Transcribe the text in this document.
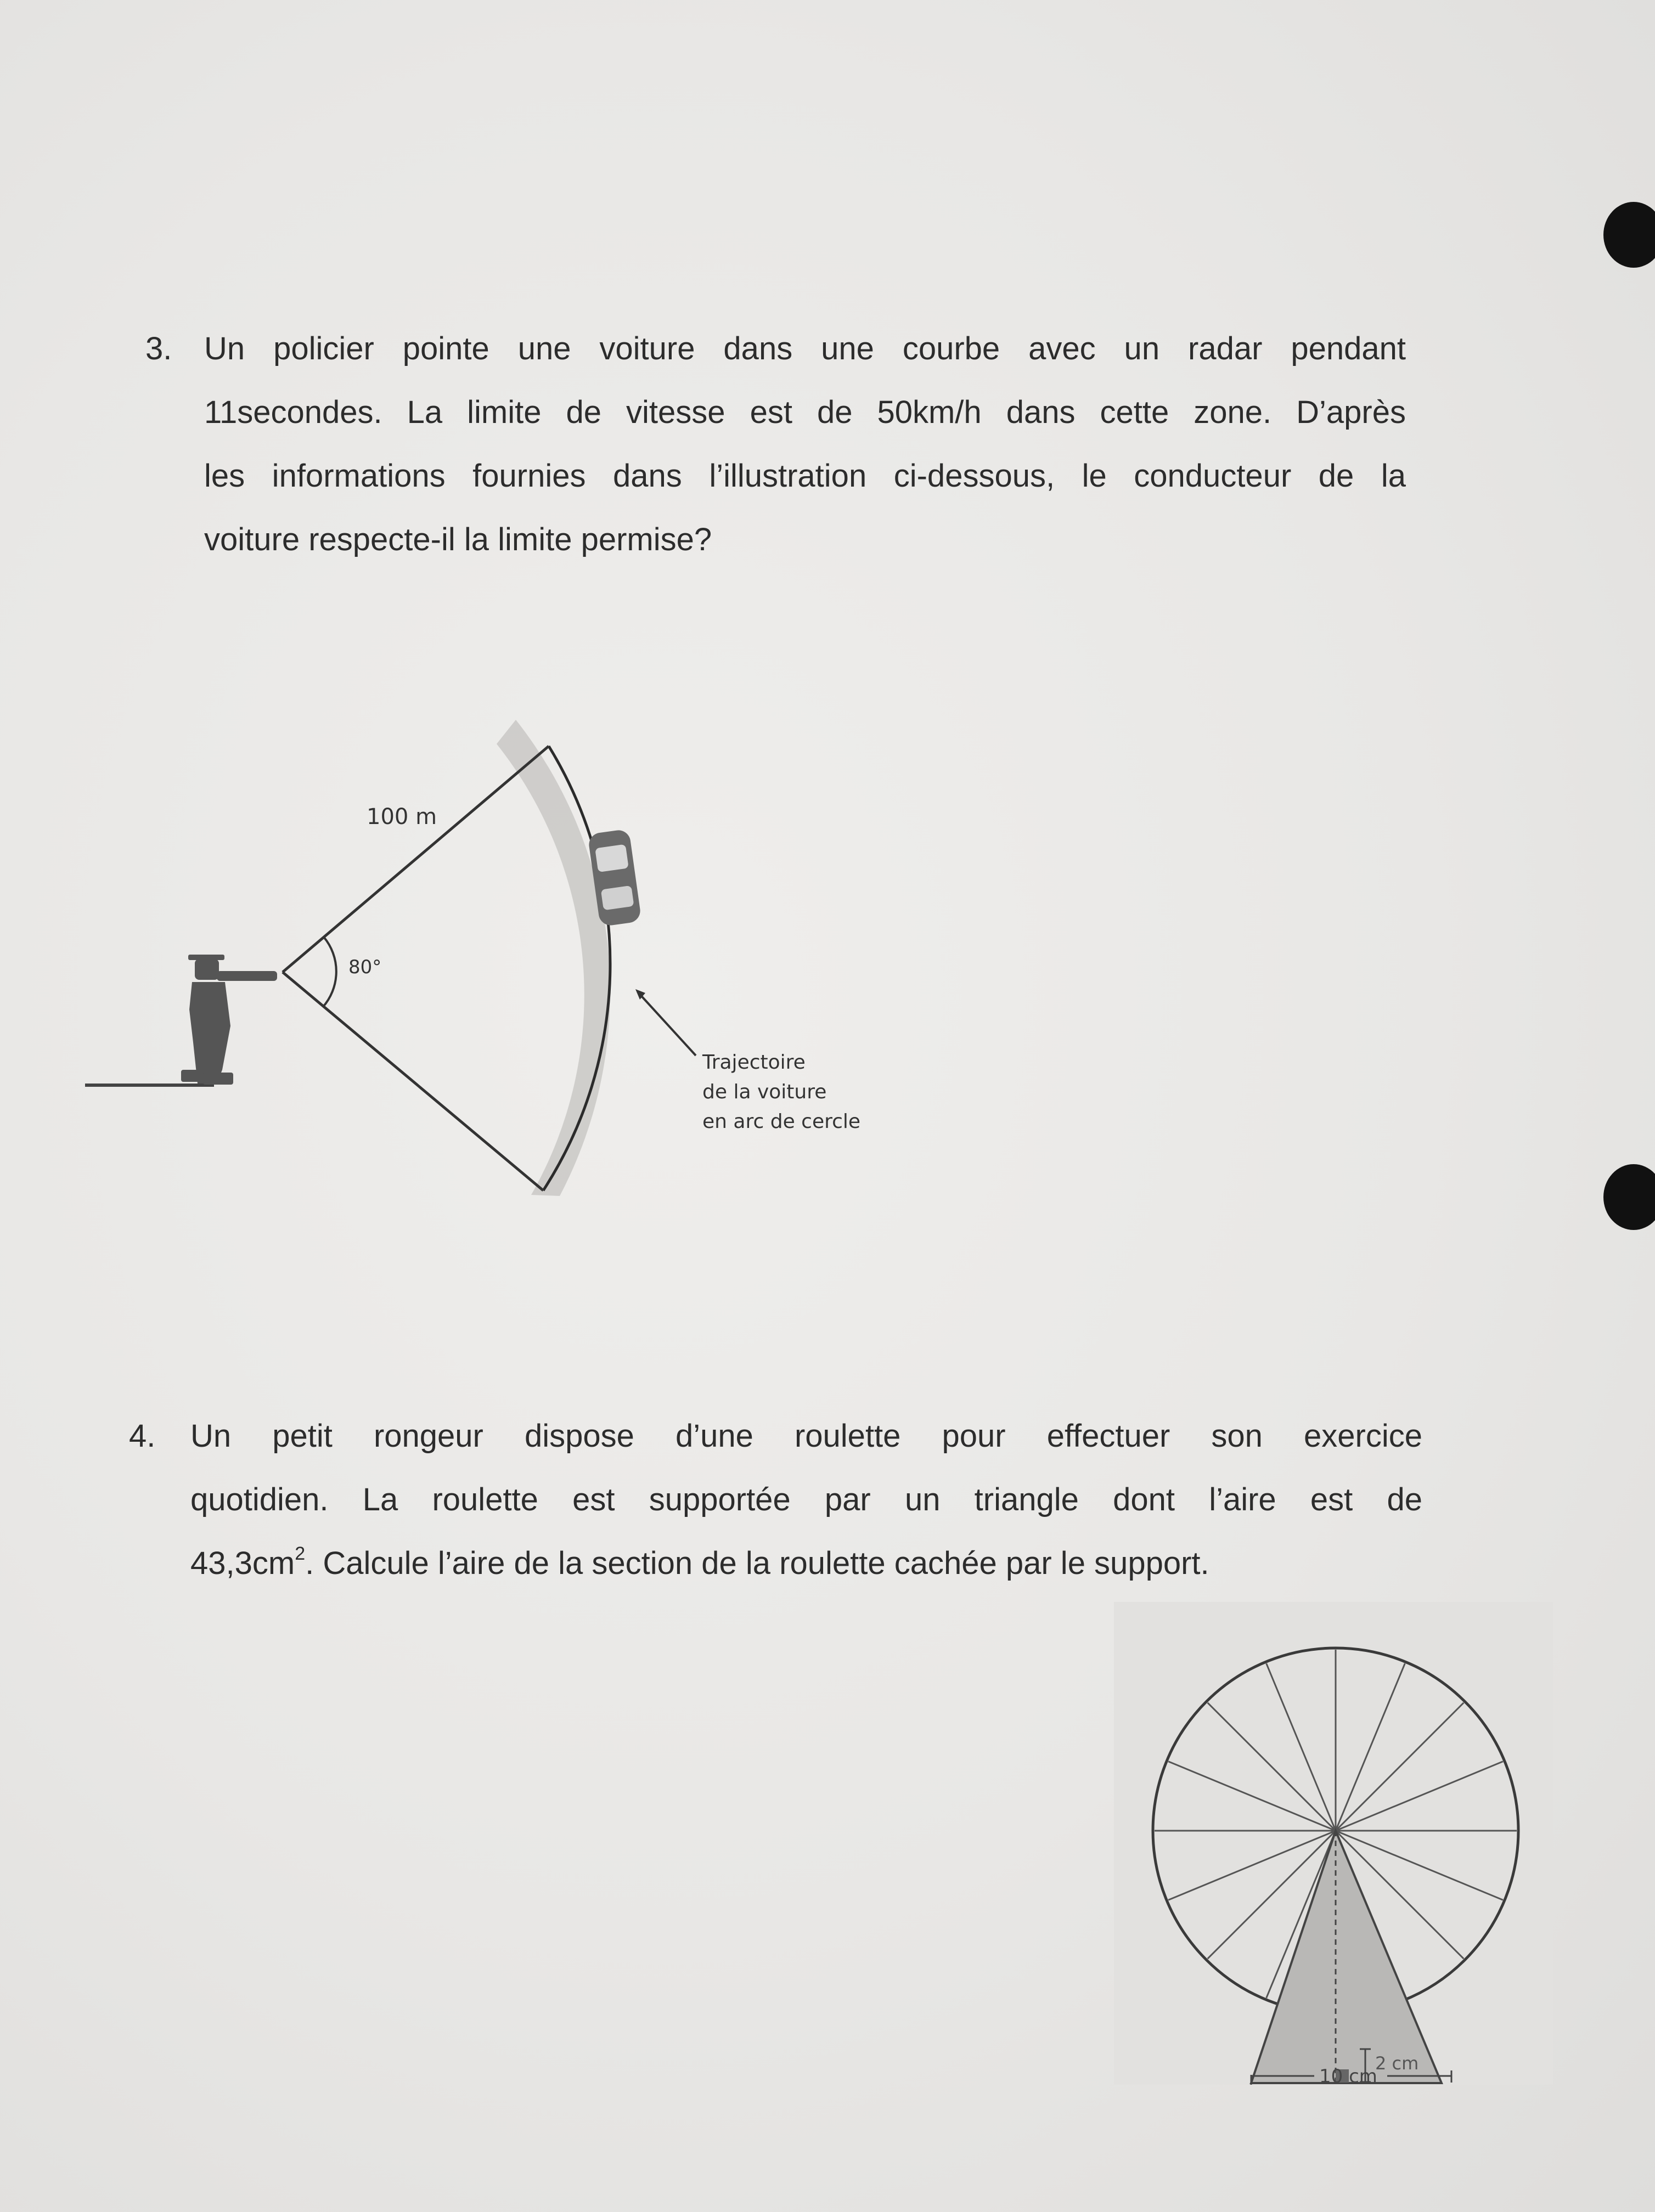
3. Un policier pointe une voiture dans une courbe avec un radar pendant
11secondes. La limite de vitesse est de 50km/h dans cette zone. D’après
les informations fournies dans l’illustration ci-dessous, le conducteur de la
voiture respecte-il la limite permise?
100 m
80°
Trajectoire
de la voiture
en arc de cercle
4. Un petit rongeur dispose d’une roulette pour effectuer son exercice
quotidien. La roulette est supportée par un triangle dont l’aire est de
$43,3cm^2$. Calcule l’aire de la section de la roulette cachée par le support.
2 cm
10 cm
